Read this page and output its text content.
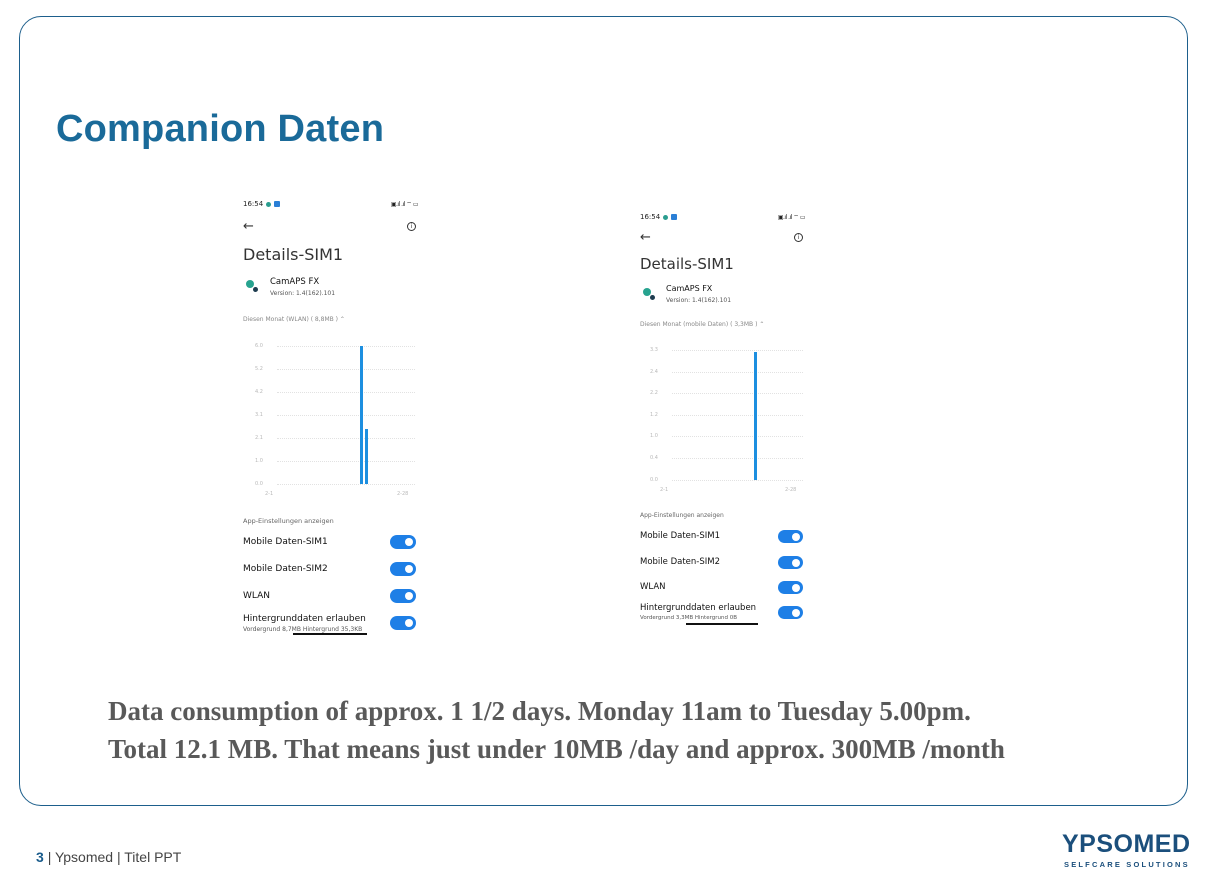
Companion Daten
16:54	▣.ıl .ıl ⌔ ▭
←	i
Details-SIM1
CamAPS FX
Version: 1.4(162).101
Diesen Monat (WLAN) ( 8,8MB ) ⌃
6.0
5.2
4.2
3.1
2.1
1.0
0.0
2-1	2-28
App-Einstellungen anzeigen
Mobile Daten-SIM1
Mobile Daten-SIM2
WLAN
Hintergrunddaten erlauben
Vordergrund 8,7MB Hintergrund 35,3KB
16:54	▣.ıl .ıl ⌔ ▭
←	i
Details-SIM1
CamAPS FX
Version: 1.4(162).101
Diesen Monat (mobile Daten) ( 3,3MB ) ⌃
3.3
2.4
2.2
1.2
1.0
0.4
0.0
2-1	2-28
App-Einstellungen anzeigen
Mobile Daten-SIM1
Mobile Daten-SIM2
WLAN
Hintergrunddaten erlauben
Vordergrund 3,3MB Hintergrund 0B
Data consumption of approx. 1 1/2 days. Monday 11am to Tuesday 5.00pm.
Total 12.1 MB. That means just under 10MB /day and approx. 300MB /month
3 | Ypsomed | Titel PPT	YPSOMED
SELFCARE SOLUTIONS
